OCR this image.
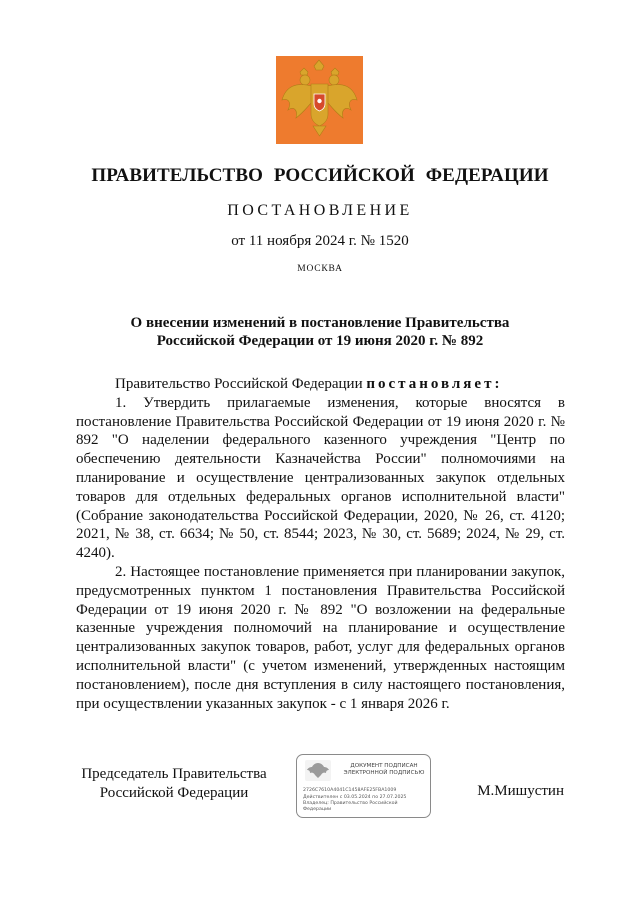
ПРАВИТЕЛЬСТВО РОССИЙСКОЙ ФЕДЕРАЦИИ
ПОСТАНОВЛЕНИЕ
от 11 ноября 2024 г. № 1520
МОСКВА
О внесении изменений в постановление Правительства
Российской Федерации от 19 июня 2020 г. № 892

Правительство Российской Федерации постановляет:

1. Утвердить прилагаемые изменения, которые вносятся в постановление Правительства Российской Федерации от 19 июня 2020 г. № 892 "О наделении федерального казенного учреждения "Центр по обеспечению деятельности Казначейства России" полномочиями на планирование и осуществление централизованных закупок отдельных товаров для отдельных федеральных органов исполнительной власти" (Собрание законодательства Российской Федерации, 2020, № 26, ст. 4120; 2021, № 38, ст. 6634; № 50, ст. 8544; 2023, № 30, ст. 5689; 2024, № 29, ст. 4240).

2. Настоящее постановление применяется при планировании закупок, предусмотренных пунктом 1 постановления Правительства Российской Федерации от 19 июня 2020 г. № 892 "О возложении на федеральные казенные учреждения полномочий на планирование и осуществление централизованных закупок товаров, работ, услуг для федеральных органов исполнительной власти" (с учетом изменений, утвержденных настоящим постановлением), после дня вступления в силу настоящего постановления, при осуществлении указанных закупок - с 1 января 2026 г.

Председатель Правительства
Российской Федерации
ДОКУМЕНТ ПОДПИСАН
ЭЛЕКТРОННОЙ ПОДПИСЬЮ
2726C7610A4041C1458AFE25FBA1009
Действителен с 03.05.2024 по 27.07.2025
Владелец: Правительство Российской
Федерации
М.Мишустин
